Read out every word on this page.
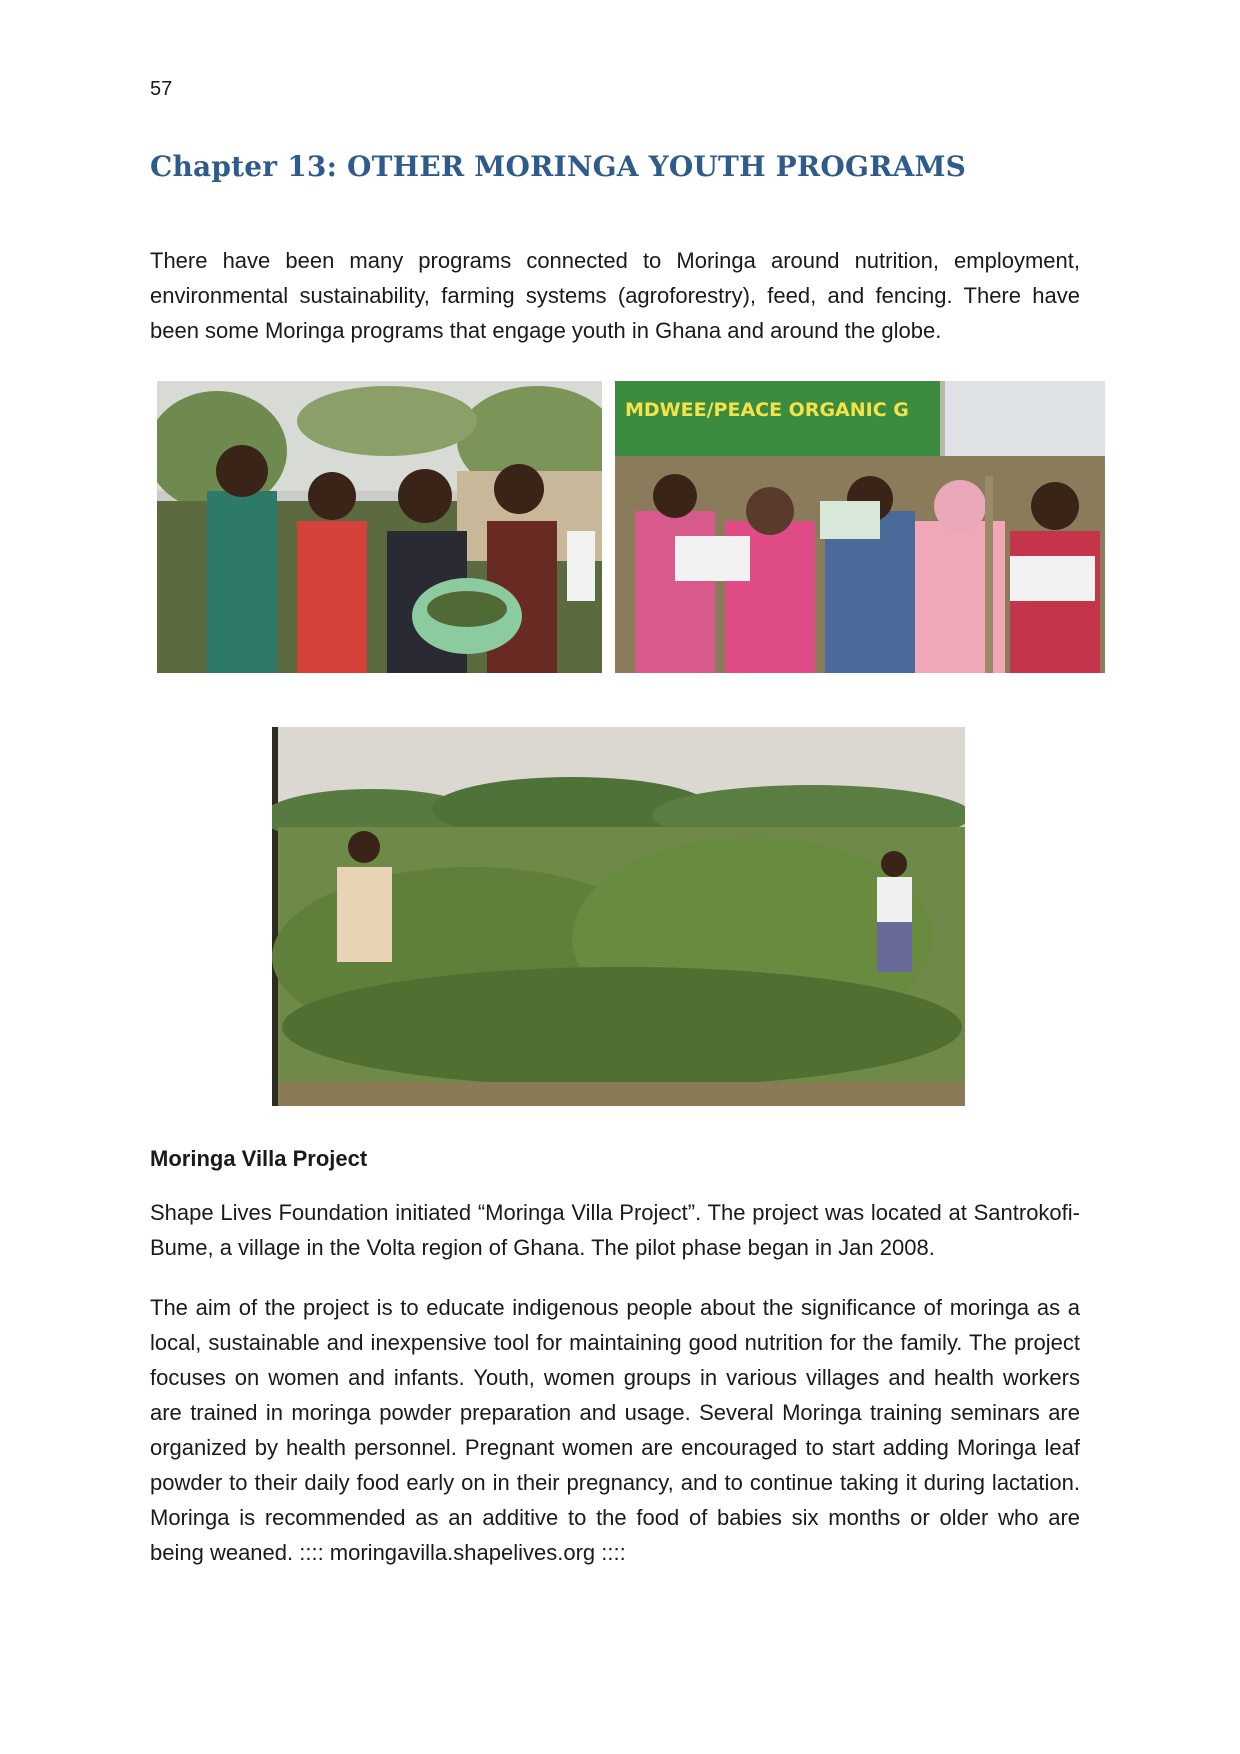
57
Chapter 13: OTHER MORINGA YOUTH PROGRAMS

There have been many programs connected to Moringa around nutrition, employment, environmental sustainability, farming systems (agroforestry), feed, and fencing. There have been some Moringa programs that engage youth in Ghana and around the globe.

MDWEE/PEACE ORGANIC G
Moringa Villa Project

Shape Lives Foundation initiated “Moringa Villa Project”. The project was located at Santrokofi-Bume, a village in the Volta region of Ghana. The pilot phase began in Jan 2008.

The aim of the project is to educate indigenous people about the significance of moringa as a local, sustainable and inexpensive tool for maintaining good nutrition for the family. The project focuses on women and infants. Youth, women groups in various villages and health workers are trained in moringa powder preparation and usage. Several Moringa training seminars are organized by health personnel. Pregnant women are encouraged to start adding Moringa leaf powder to their daily food early on in their pregnancy, and to continue taking it during lactation. Moringa is recommended as an additive to the food of babies six months or older who are being weaned. :::: moringavilla.shapelives.org ::::
